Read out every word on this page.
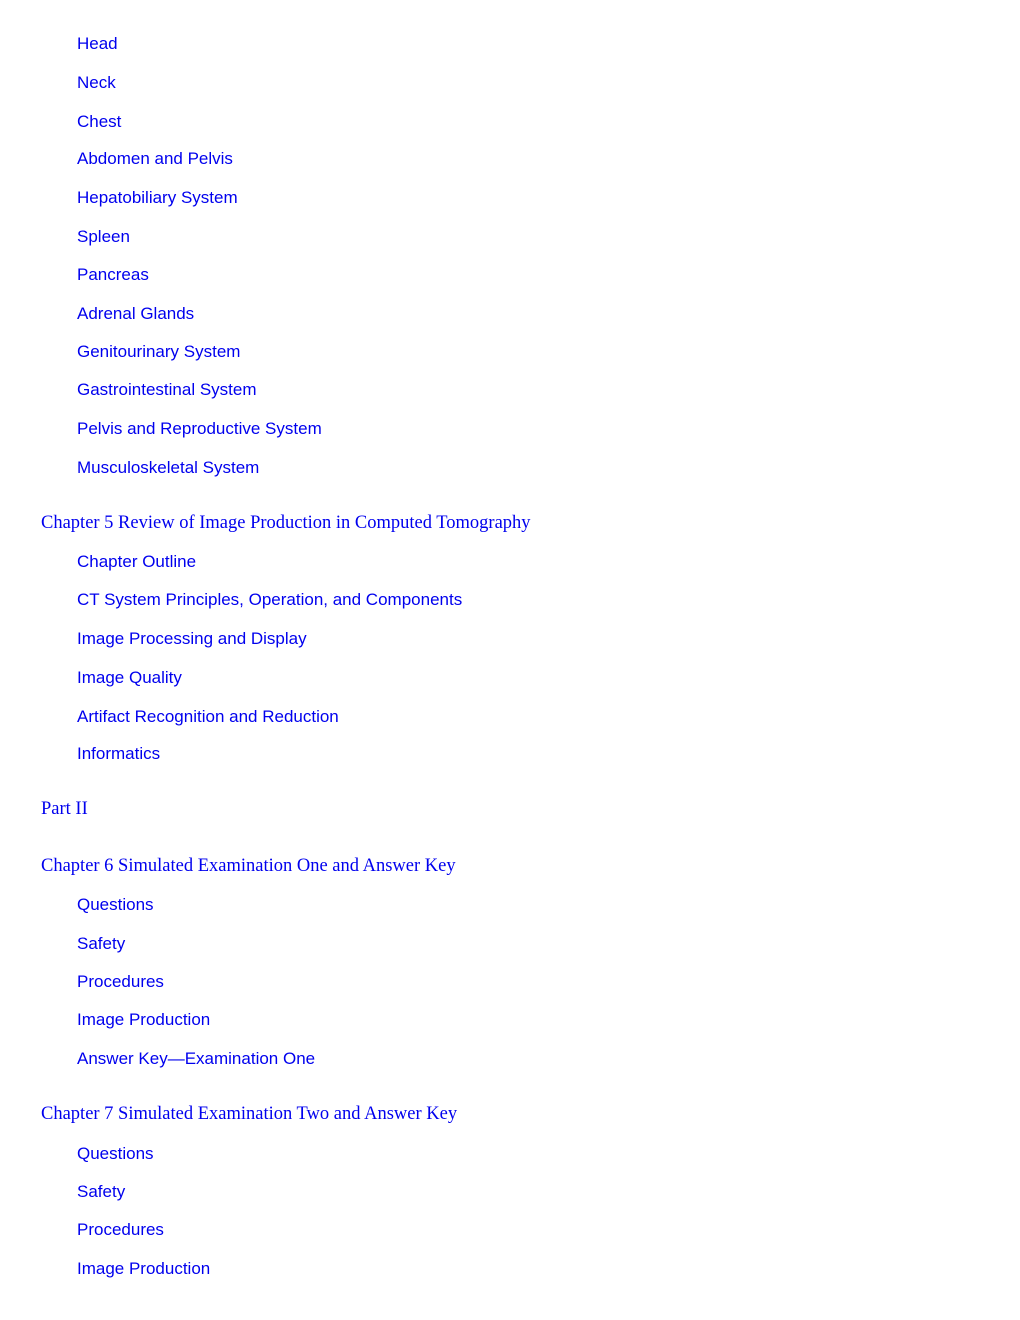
Head
Neck
Chest
Abdomen and Pelvis
Hepatobiliary System
Spleen
Pancreas
Adrenal Glands
Genitourinary System
Gastrointestinal System
Pelvis and Reproductive System
Musculoskeletal System
Chapter 5 Review of Image Production in Computed Tomography
Chapter Outline
CT System Principles, Operation, and Components
Image Processing and Display
Image Quality
Artifact Recognition and Reduction
Informatics
Part II
Chapter 6 Simulated Examination One and Answer Key
Questions
Safety
Procedures
Image Production
Answer Key—Examination One
Chapter 7 Simulated Examination Two and Answer Key
Questions
Safety
Procedures
Image Production
